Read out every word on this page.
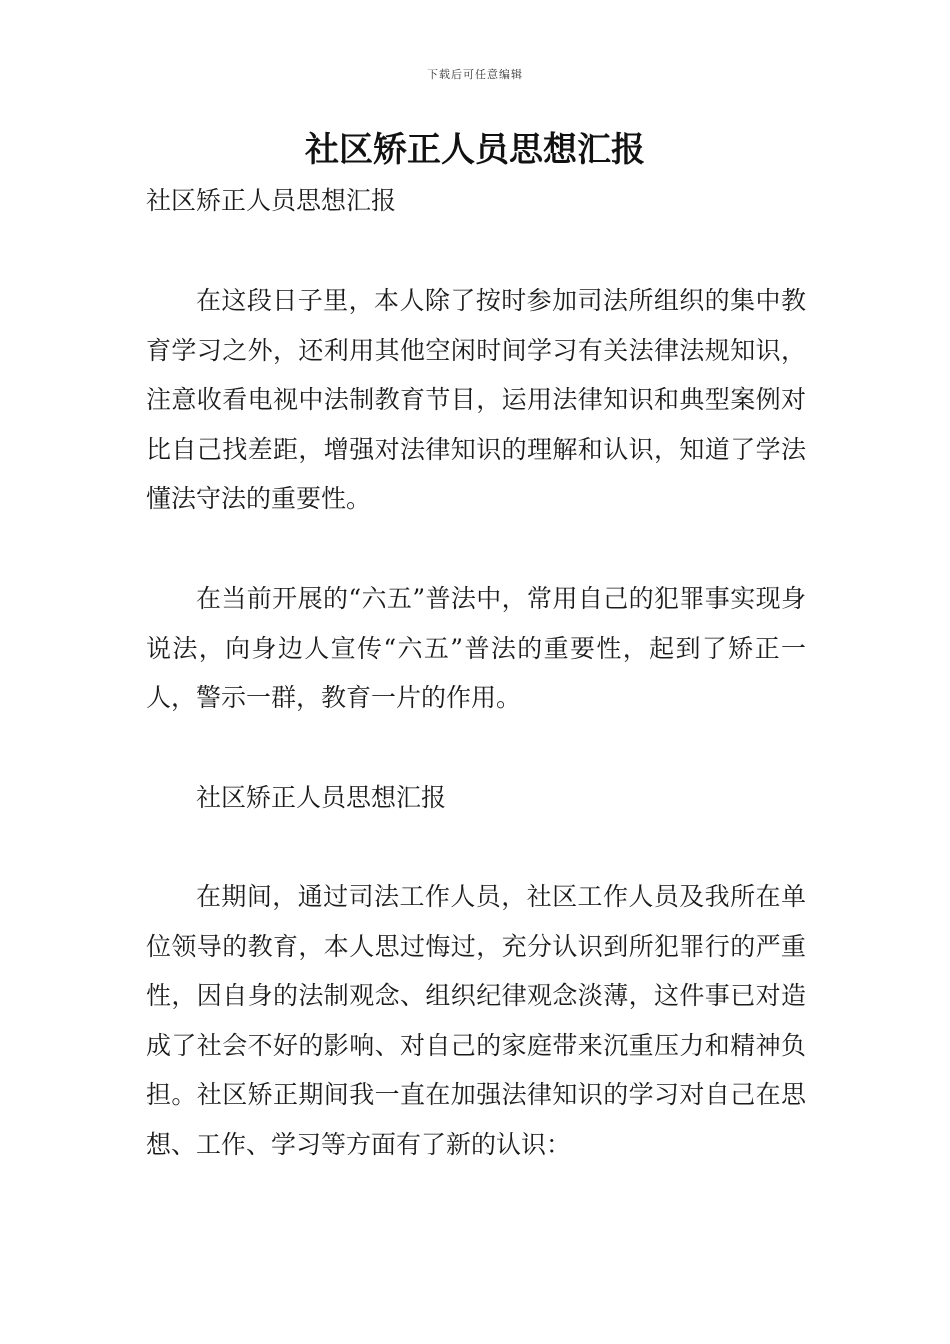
下载后可任意编辑
社区矫正人员思想汇报

社区矫正人员思想汇报

在这段日子里，本人除了按时参加司法所组织的集中教育学习之外，还利用其他空闲时间学习有关法律法规知识，注意收看电视中法制教育节目，运用法律知识和典型案例对比自己找差距，增强对法律知识的理解和认识，知道了学法懂法守法的重要性。

在当前开展的“六五”普法中，常用自己的犯罪事实现身说法，向身边人宣传“六五”普法的重要性，起到了矫正一人，警示一群，教育一片的作用。

社区矫正人员思想汇报

在期间，通过司法工作人员，社区工作人员及我所在单位领导的教育，本人思过悔过，充分认识到所犯罪行的严重性，因自身的法制观念、组织纪律观念淡薄，这件事已对造成了社会不好的影响、对自己的家庭带来沉重压力和精神负担。社区矫正期间我一直在加强法律知识的学习对自己在思想、工作、学习等方面有了新的认识：
